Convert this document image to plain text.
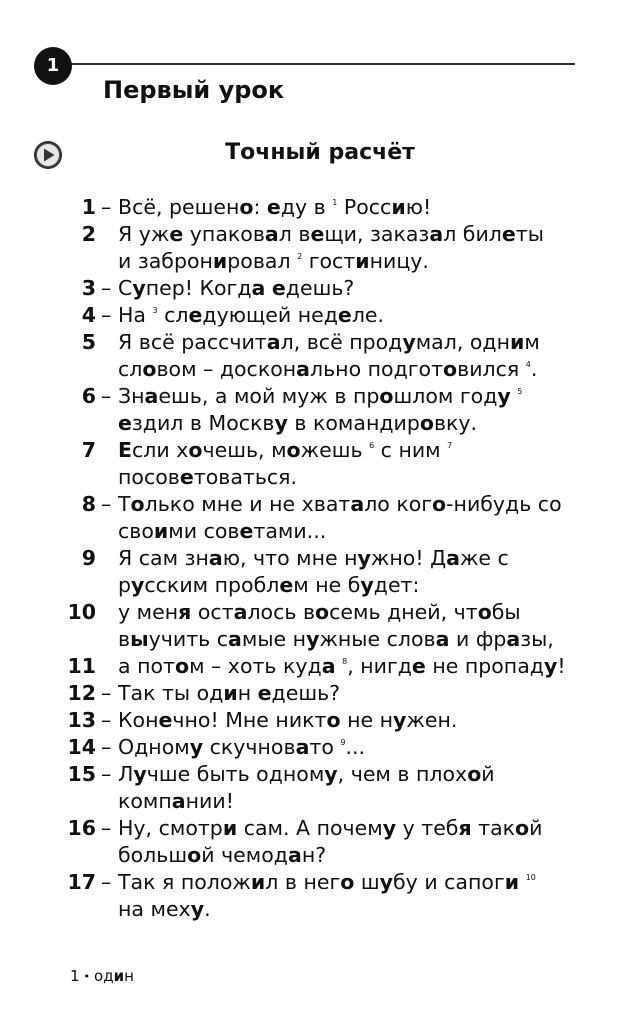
1
Первый урок
Точный расчёт
1 – Всё, решено: еду в $^1$ Россию!
2 Я уже упаковал вещи, заказал билеты
и забронировал $^2$ гостиницу.
3 – Супер! Когда едешь?
4 – На $^3$ следующей неделе.
5 Я всё рассчитал, всё продумал, одним
словом – досконально подготовился $^4$.
6 – Знаешь, а мой муж в прошлом году $^5$
ездил в Москву в командировку.
7 Если хочешь, можешь $^6$ с ним $^7$
посоветоваться.
8 – Только мне и не хватало кого-нибудь со
своими советами...
9 Я сам знаю, что мне нужно! Даже с
русским проблем не будет:
10 у меня осталось восемь дней, чтобы
выучить самые нужные слова и фразы,
11 а потом – хоть куда $^8$, нигде не пропаду!
12 – Так ты один едешь?
13 – Конечно! Мне никто не нужен.
14 – Одному скучновато $^9$...
15 – Лучше быть одному, чем в плохой
компании!
16 – Ну, смотри сам. А почему у тебя такой
большой чемодан?
17 – Так я положил в него шубу и сапоги $^{10}$
на меху.
1 • один
